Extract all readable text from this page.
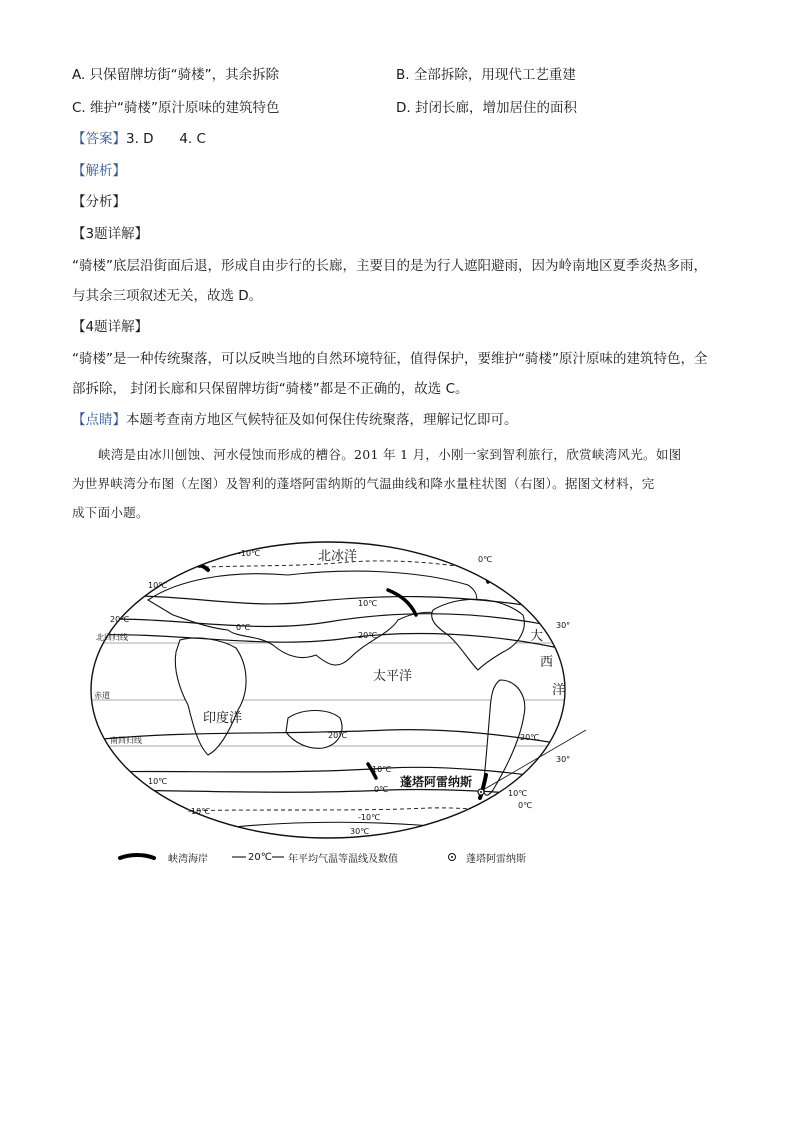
A. 只保留牌坊街“骑楼”，其余拆除	B. 全部拆除，用现代工艺重建
C. 维护“骑楼”原汁原味的建筑特色	D. 封闭长廊，增加居住的面积
【答案】3. D      4. C
【解析】
【分析】
【3题详解】
“骑楼”底层沿街面后退，形成自由步行的长廊，主要目的是为行人遮阳避雨，因为岭南地区夏季炎热多雨，
与其余三项叙述无关，故选 D。
【4题详解】
“骑楼”是一种传统聚落，可以反映当地的自然环境特征，值得保护，要维护“骑楼”原汁原味的建筑特色，全
部拆除， 封闭长廊和只保留牌坊街“骑楼”都是不正确的，故选 C。
【点睛】本题考查南方地区气候特征及如何保住传统聚落，理解记忆即可。
峡湾是由冰川刨蚀、河水侵蚀而形成的槽谷。201 年 1 月，小刚一家到智利旅行，欣赏峡湾风光。如图
为世界峡湾分布图（左图）及智利的蓬塔阿雷纳斯的气温曲线和降水量柱状图（右图）。据图文材料，完
成下面小题。
北冰洋
太平洋
印度洋
大
西
洋
北回归线
赤道
南回归线
30°
30°
-10℃
10℃
20℃
0℃
20℃
10℃
0℃
20℃	20℃
10℃
10℃
0℃	10℃
0℃
-10℃
-10℃
30℃
蓬塔阿雷纳斯
峡湾海岸	20℃ 年平均气温等温线及数值	蓬塔阿雷纳斯
